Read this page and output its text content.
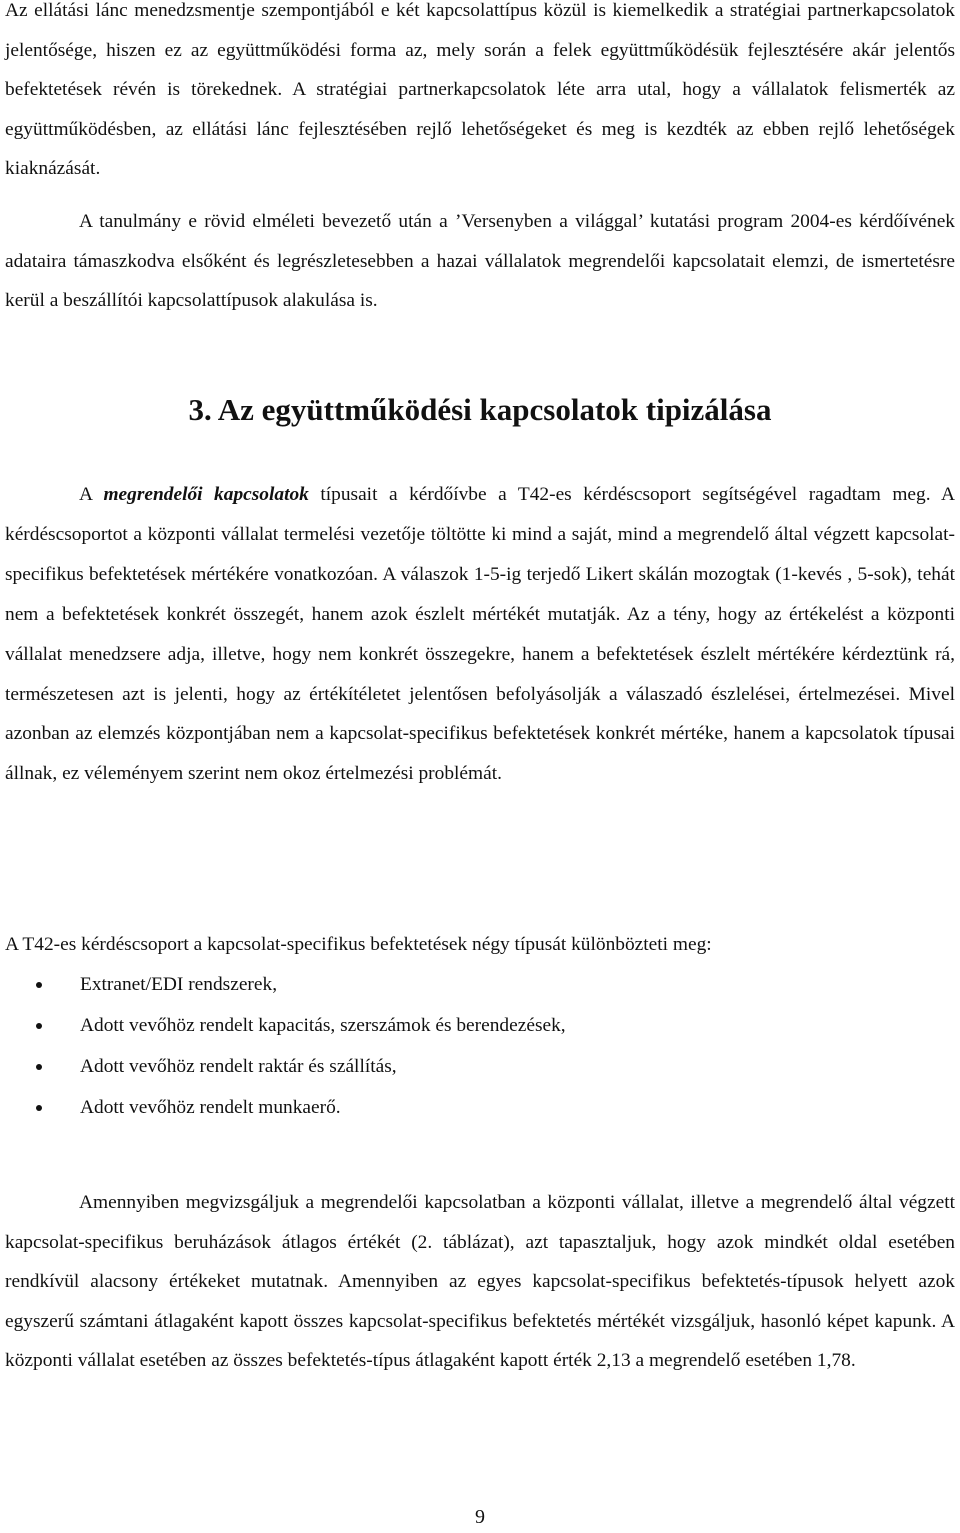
Az ellátási lánc menedzsmentje szempontjából e két kapcsolattípus közül is kiemelkedik a stratégiai partnerkapcsolatok jelentősége, hiszen ez az együttműködési forma az, mely során a felek együttműködésük fejlesztésére akár jelentős befektetések révén is törekednek. A stratégiai partnerkapcsolatok léte arra utal, hogy a vállalatok felismerték az együttműködésben, az ellátási lánc fejlesztésében rejlő lehetőségeket és meg is kezdték az ebben rejlő lehetőségek kiaknázását.

A tanulmány e rövid elméleti bevezető után a ’Versenyben a világgal’ kutatási program 2004-es kérdőívének adataira támaszkodva elsőként és legrészletesebben a hazai vállalatok megrendelői kapcsolatait elemzi, de ismertetésre kerül a beszállítói kapcsolattípusok alakulása is.

3. Az együttműködési kapcsolatok tipizálása

A megrendelői kapcsolatok típusait a kérdőívbe a T42-es kérdéscsoport segítségével ragadtam meg. A kérdéscsoportot a központi vállalat termelési vezetője töltötte ki mind a saját, mind a megrendelő által végzett kapcsolat-specifikus befektetések mértékére vonatkozóan. A válaszok 1-5-ig terjedő Likert skálán mozogtak (1-kevés , 5-sok), tehát nem a befektetések konkrét összegét, hanem azok észlelt mértékét mutatják. Az a tény, hogy az értékelést a központi vállalat menedzsere adja, illetve, hogy nem konkrét összegekre, hanem a befektetések észlelt mértékére kérdeztünk rá, természetesen azt is jelenti, hogy az értékítéletet jelentősen befolyásolják a válaszadó észlelései, értelmezései. Mivel azonban az elemzés központjában nem a kapcsolat-specifikus befektetések konkrét mértéke, hanem a kapcsolatok típusai állnak, ez véleményem szerint nem okoz értelmezési problémát.

A T42-es kérdéscsoport a kapcsolat-specifikus befektetések négy típusát különbözteti meg:

Extranet/EDI rendszerek,
Adott vevőhöz rendelt kapacitás, szerszámok és berendezések,
Adott vevőhöz rendelt raktár és szállítás,
Adott vevőhöz rendelt munkaerő.

Amennyiben megvizsgáljuk a megrendelői kapcsolatban a központi vállalat, illetve a megrendelő által végzett kapcsolat-specifikus beruházások átlagos értékét (2. táblázat), azt tapasztaljuk, hogy azok mindkét oldal esetében rendkívül alacsony értékeket mutatnak. Amennyiben az egyes kapcsolat-specifikus befektetés-típusok helyett azok egyszerű számtani átlagaként kapott összes kapcsolat-specifikus befektetés mértékét vizsgáljuk, hasonló képet kapunk. A központi vállalat esetében az összes befektetés-típus átlagaként kapott érték 2,13 a megrendelő esetében 1,78.

9
